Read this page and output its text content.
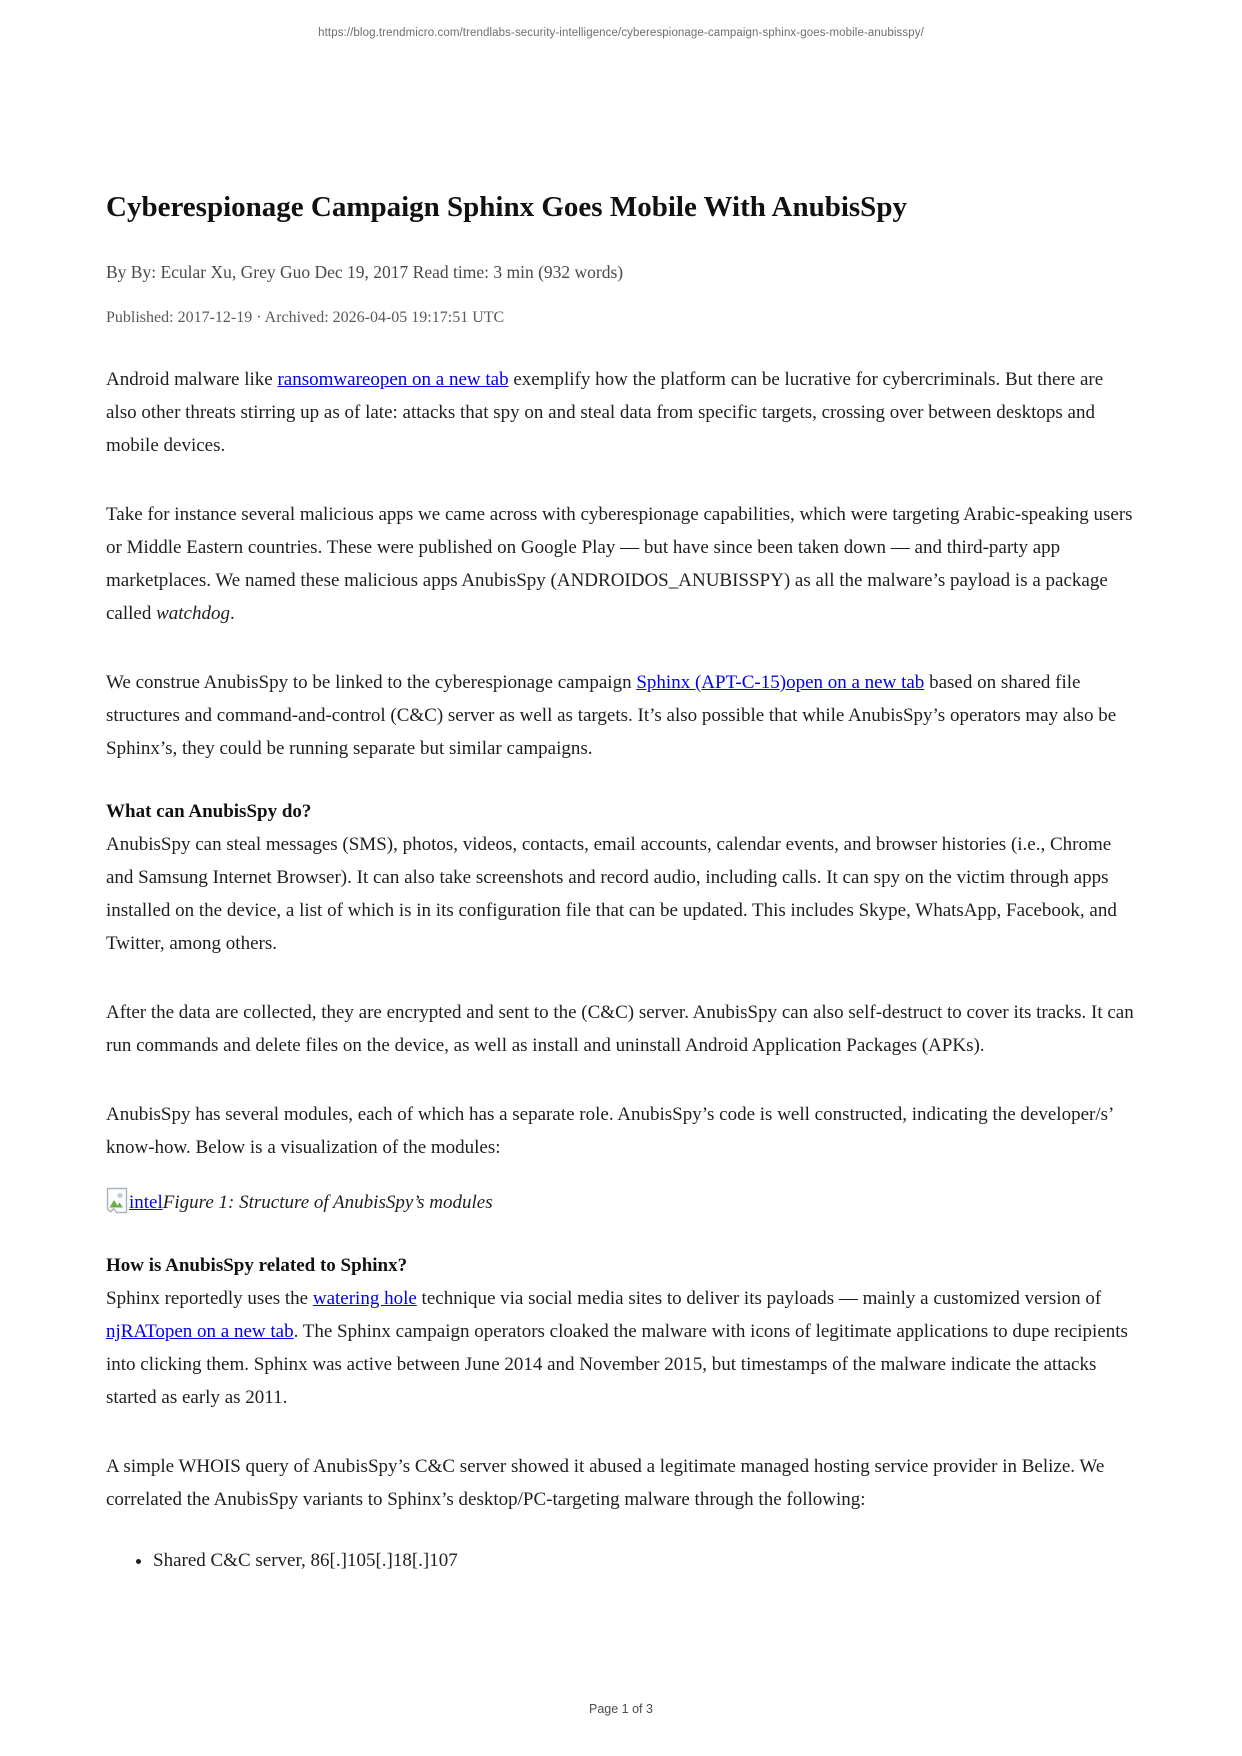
https://blog.trendmicro.com/trendlabs-security-intelligence/cyberespionage-campaign-sphinx-goes-mobile-anubisspy/
Cyberespionage Campaign Sphinx Goes Mobile With AnubisSpy

By By: Ecular Xu, Grey Guo Dec 19, 2017 Read time: 3 min (932 words)

Published: 2017-12-19 · Archived: 2026-04-05 19:17:51 UTC

Android malware like ransomwareopen on a new tab exemplify how the platform can be lucrative for cybercriminals. But there are also other threats stirring up as of late: attacks that spy on and steal data from specific targets, crossing over between desktops and mobile devices.

Take for instance several malicious apps we came across with cyberespionage capabilities, which were targeting Arabic-speaking users or Middle Eastern countries. These were published on Google Play — but have since been taken down — and third-party app marketplaces. We named these malicious apps AnubisSpy (ANDROIDOS_ANUBISSPY) as all the malware’s payload is a package called watchdog.

We construe AnubisSpy to be linked to the cyberespionage campaign Sphinx (APT-C-15)open on a new tab based on shared file structures and command-and-control (C&C) server as well as targets. It’s also possible that while AnubisSpy’s operators may also be Sphinx’s, they could be running separate but similar campaigns.

What can AnubisSpy do?

AnubisSpy can steal messages (SMS), photos, videos, contacts, email accounts, calendar events, and browser histories (i.e., Chrome and Samsung Internet Browser). It can also take screenshots and record audio, including calls. It can spy on the victim through apps installed on the device, a list of which is in its configuration file that can be updated. This includes Skype, WhatsApp, Facebook, and Twitter, among others.

After the data are collected, they are encrypted and sent to the (C&C) server. AnubisSpy can also self-destruct to cover its tracks. It can run commands and delete files on the device, as well as install and uninstall Android Application Packages (APKs).

AnubisSpy has several modules, each of which has a separate role. AnubisSpy’s code is well constructed, indicating the developer/s’ know-how. Below is a visualization of the modules:

intelFigure 1: Structure of AnubisSpy’s modules

How is AnubisSpy related to Sphinx?

Sphinx reportedly uses the watering hole technique via social media sites to deliver its payloads — mainly a customized version of njRATopen on a new tab. The Sphinx campaign operators cloaked the malware with icons of legitimate applications to dupe recipients into clicking them. Sphinx was active between June 2014 and November 2015, but timestamps of the malware indicate the attacks started as early as 2011.

A simple WHOIS query of AnubisSpy’s C&C server showed it abused a legitimate managed hosting service provider in Belize. We correlated the AnubisSpy variants to Sphinx’s desktop/PC-targeting malware through the following:

• Shared C&C server, 86[.]105[.]18[.]107
Page 1 of 3
